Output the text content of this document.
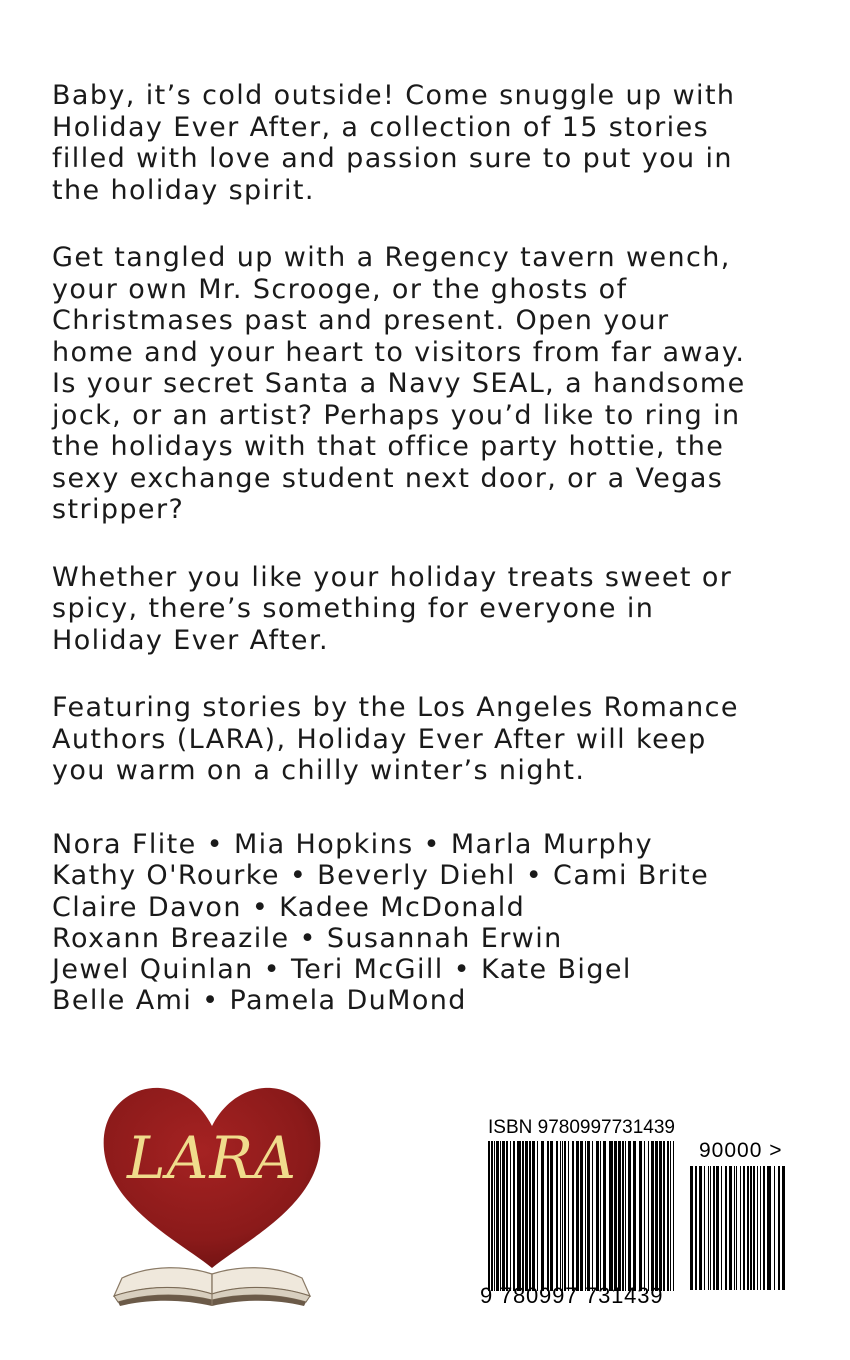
Baby, it’s cold outside! Come snuggle up with
Holiday Ever After, a collection of 15 stories
filled with love and passion sure to put you in
the holiday spirit.

Get tangled up with a Regency tavern wench,
your own Mr. Scrooge, or the ghosts of
Christmases past and present. Open your
home and your heart to visitors from far away.
Is your secret Santa a Navy SEAL, a handsome
jock, or an artist? Perhaps you’d like to ring in
the holidays with that office party hottie, the
sexy exchange student next door, or a Vegas
stripper?

Whether you like your holiday treats sweet or
spicy, there’s something for everyone in
Holiday Ever After.

Featuring stories by the Los Angeles Romance
Authors (LARA), Holiday Ever After will keep
you warm on a chilly winter’s night.

Nora Flite • Mia Hopkins • Marla Murphy
Kathy O'Rourke • Beverly Diehl • Cami Brite
Claire Davon • Kadee McDonald
Roxann Breazile • Susannah Erwin
Jewel Quinlan • Teri McGill • Kate Bigel
Belle Ami • Pamela DuMond
LARA	ISBN 9780997731439
90000 >
9 780997 731439
